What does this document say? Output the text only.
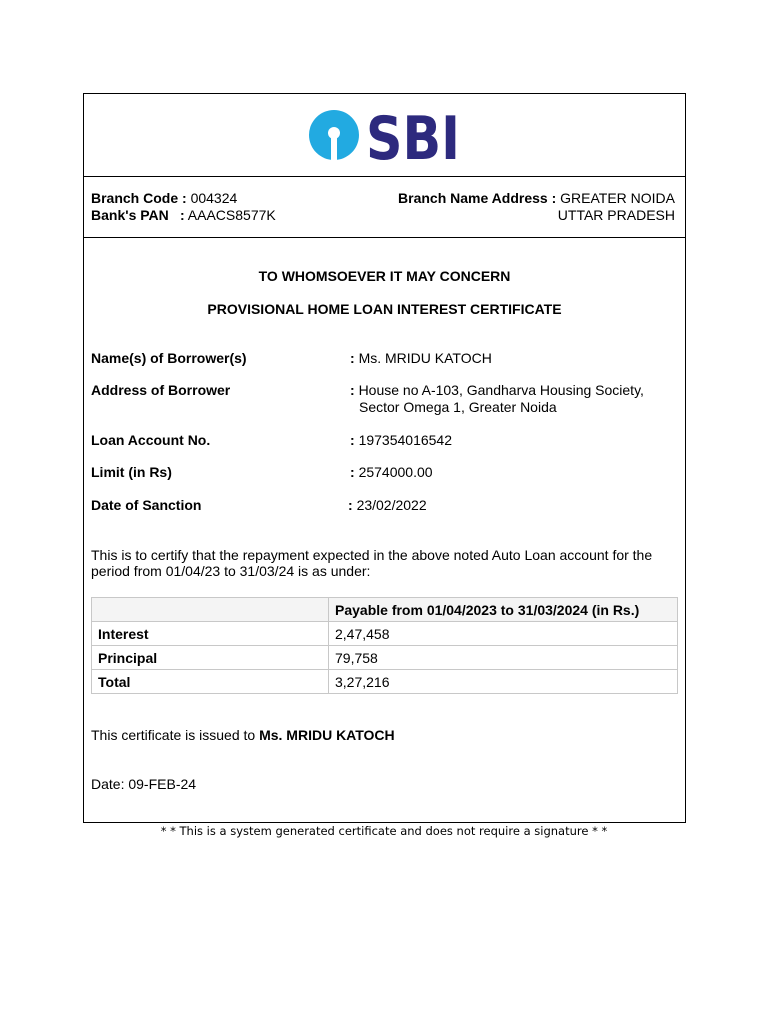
SBI
Branch Code : 004324
Bank's PAN : AAACS8577K
Branch Name Address : GREATER NOIDA
UTTAR PRADESH
TO WHOMSOEVER IT MAY CONCERN
PROVISIONAL HOME LOAN INTEREST CERTIFICATE
Name(s) of Borrower(s)	: Ms. MRIDU KATOCH
Address of Borrower	: House no A-103, Gandharva Housing Society,
Sector Omega 1, Greater Noida
Loan Account No.	: 197354016542
Limit (in Rs)	: 2574000.00
Date of Sanction	: 23/02/2022
This is to certify that the repayment expected in the above noted Auto Loan account for the period from 01/04/23 to 31/03/24 is as under:
	Payable from 01/04/2023 to 31/03/2024 (in Rs.)
Interest	2,47,458
Principal	79,758
Total	3,27,216
This certificate is issued to Ms. MRIDU KATOCH
Date: 09-FEB-24
* * This is a system generated certificate and does not require a signature * *
